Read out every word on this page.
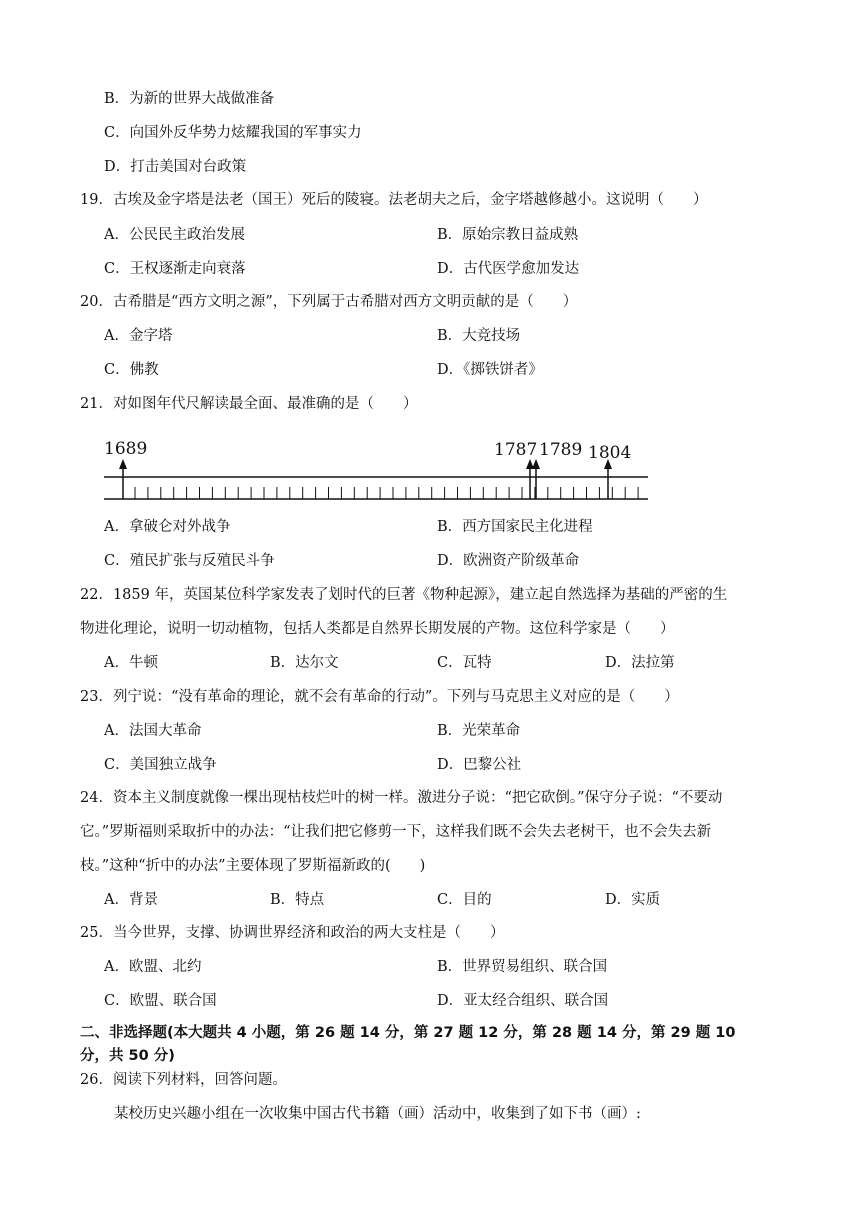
B．为新的世界大战做准备
C．向国外反华势力炫耀我国的军事实力
D．打击美国对台政策
19．古埃及金字塔是法老（国王）死后的陵寝。法老胡夫之后，金字塔越修越小。这说明（　　）
A．公民民主政治发展	B．原始宗教日益成熟
C．王权逐渐走向衰落	D．古代医学愈加发达
20．古希腊是“西方文明之源”，下列属于古希腊对西方文明贡献的是（　　）
A．金字塔	B．大竞技场
C．佛教	D．《掷铁饼者》
21．对如图年代尺解读最全面、最准确的是（　　）
1689	1787 1789 1804
A．拿破仑对外战争	B．西方国家民主化进程
C．殖民扩张与反殖民斗争	D．欧洲资产阶级革命
22．1859 年，英国某位科学家发表了划时代的巨著《物种起源》，建立起自然选择为基础的严密的生
物进化理论，说明一切动植物，包括人类都是自然界长期发展的产物。这位科学家是（　　）
A．牛顿	B．达尔文	C．瓦特	D．法拉第
23．列宁说：“没有革命的理论，就不会有革命的行动”。下列与马克思主义对应的是（　　）
A．法国大革命	B．光荣革命
C．美国独立战争	D．巴黎公社
24．资本主义制度就像一棵出现枯枝烂叶的树一样。激进分子说：“把它砍倒。”保守分子说：“不要动
它。”罗斯福则采取折中的办法：“让我们把它修剪一下，这样我们既不会失去老树干，也不会失去新
枝。”这种“折中的办法”主要体现了罗斯福新政的(　　)
A．背景	B．特点	C．目的	D．实质
25．当今世界，支撑、协调世界经济和政治的两大支柱是（　　）
A．欧盟、北约	B．世界贸易组织、联合国
C．欧盟、联合国	D．亚太经合组织、联合国
二、非选择题(本大题共 4 小题，第 26 题 14 分，第 27 题 12 分，第 28 题 14 分，第 29 题 10
分，共 50 分)
26．阅读下列材料，回答问题。
某校历史兴趣小组在一次收集中国古代书籍（画）活动中，收集到了如下书（画）:
